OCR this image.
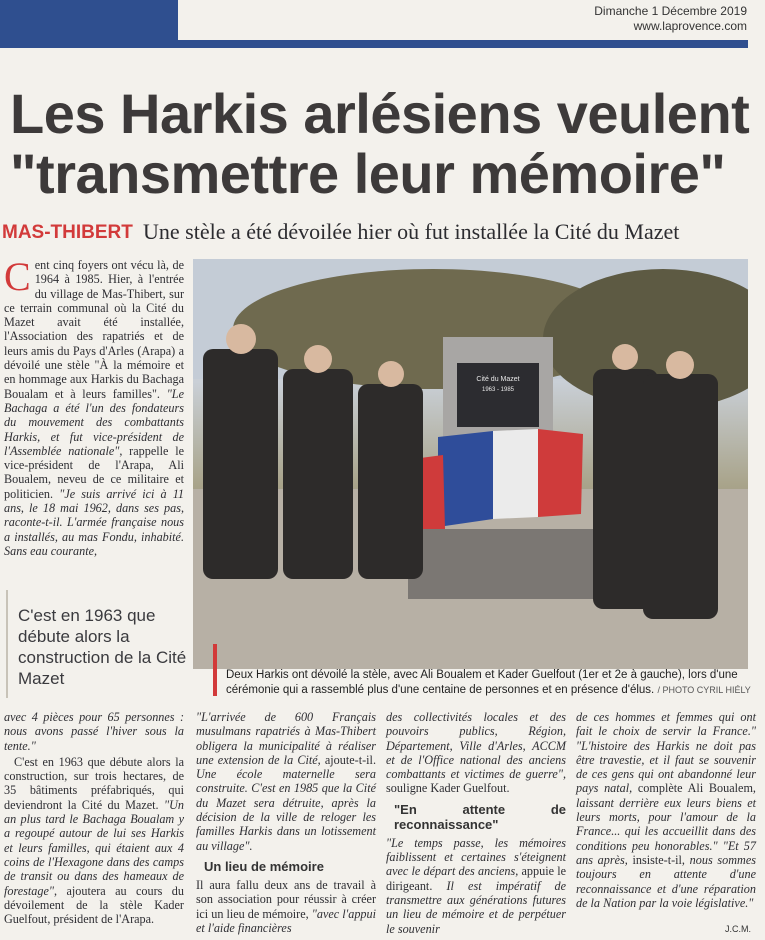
Dimanche 1 Décembre 2019
www.laprovence.com
Les Harkis arlésiens veulent
"transmettre leur mémoire"
MAS-THIBERT Une stèle a été dévoilée hier où fut installée la Cité du Mazet
Cent cinq foyers ont vécu là, de 1964 à 1985. Hier, à l'entrée du village de Mas-Thibert, sur ce terrain communal où la Cité du Mazet avait été installée, l'Association des rapatriés et de leurs amis du Pays d'Arles (Arapa) a dévoilé une stèle "À la mémoire et en hommage aux Harkis du Bachaga Boualam et à leurs familles". "Le Bachaga a été l'un des fondateurs du mouvement des combattants Harkis, et fut vice-président de l'Assemblée nationale", rappelle le vice-président de l'Arapa, Ali Boualem, neveu de ce militaire et politicien. "Je suis arrivé ici à 11 ans, le 18 mai 1962, dans ses pas, raconte-t-il. L'armée française nous a installés, au mas Fondu, inhabité. Sans eau courante,
C'est en 1963 que débute alors la construction de la Cité Mazet
Cité du Mazet
1963 - 1985
Deux Harkis ont dévoilé la stèle, avec Ali Boualem et Kader Guelfout (1er et 2e à gauche), lors d'une cérémonie qui a rassemblé plus d'une centaine de personnes et en présence d'élus. / PHOTO CYRIL HIÉLY
avec 4 pièces pour 65 personnes : nous avons passé l'hiver sous la tente."

C'est en 1963 que débute alors la construction, sur trois hectares, de 35 bâtiments préfabriqués, qui deviendront la Cité du Mazet. "Un an plus tard le Bachaga Boualam y a regoupé autour de lui ses Harkis et leurs familles, qui étaient aux 4 coins de l'Hexagone dans des camps de transit ou dans des hameaux de forestage", ajoutera au cours du dévoilement de la stèle Kader Guelfout, président de l'Arapa.

"L'arrivée de 600 Français musulmans rapatriés à Mas-Thibert obligera la municipalité à réaliser une extension de la Cité, ajoute-t-il. Une école maternelle sera construite. C'est en 1985 que la Cité du Mazet sera détruite, après la décision de la ville de reloger les familles Harkis dans un lotissement au village".
Un lieu de mémoire
Il aura fallu deux ans de travail à son association pour réussir à créer ici un lieu de mémoire, "avec l'appui et l'aide financières
des collectivités locales et des pouvoirs publics, Région, Département, Ville d'Arles, ACCM et de l'Office national des anciens combattants et victimes de guerre", souligne Kader Guelfout.
"En attente de reconnaissance"
"Le temps passe, les mémoires faiblissent et certaines s'éteignent avec le départ des anciens, appuie le dirigeant. Il est impératif de transmettre aux générations futures un lieu de mémoire et de perpétuer le souvenir
de ces hommes et femmes qui ont fait le choix de servir la France." "L'histoire des Harkis ne doit pas être travestie, et il faut se souvenir de ces gens qui ont abandonné leur pays natal, complète Ali Boualem, laissant derrière eux leurs biens et leurs morts, pour l'amour de la France... qui les accueillit dans des conditions peu honorables." "Et 57 ans après, insiste-t-il, nous sommes toujours en attente d'une reconnaissance et d'une réparation de la Nation par la voie législative."
J.C.M.
